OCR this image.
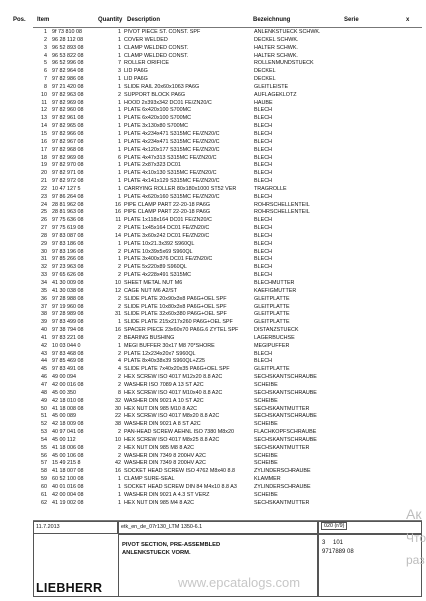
Pos. Item	Quantity Description	Bezeichnung	Serie	x
1	9f 73 810 08	1	PIVOT PIECE ST. CONST. SPF	ANLENKSTUECK SCHWK.	
2	96 28 112 08	1	COVER WELDED	DECKEL SCHWK.	
3	96 52 893 08	1	CLAMP WELDED CONST.	HALTER SCHWK.	
4	96 53 822 08	1	CLAMP WELDED CONST.	HALTER SCHWK.	
5	96 52 996 08	7	ROLLER ORIFICE	ROLLENMUNDSTUECK	
6	97 82 964 08	3	LID PA6G	DECKEL	
7	97 82 986 08	1	LID PA6G	DECKEL	
8	97 21 420 08	1	SLIDE RAIL 20x60x1063 PA6G	GLEITLEISTE	
10	97 82 963 08	2	SUPPORT BLOCK PA6G	AUFLAGEKLOTZ	
11	97 82 969 08	1	HOOD 2x393x342 DC01 FE/ZN20/C	HAUBE	
12	97 82 960 08	1	PLATE 6x420x100 S700MC	BLECH	
13	97 82 961 08	1	PLATE 6x420x100 S700MC	BLECH	
14	97 82 965 08	1	PLATE 3x130x80 S700MC	BLECH	
15	97 82 966 08	1	PLATE 4x234x471 S315MC FE/ZN20/C	BLECH	
16	97 82 967 08	1	PLATE 4x234x471 S315MC FE/ZN20/C	BLECH	
17	97 82 968 08	1	PLATE 4x120x177 S315MC FE/ZN20/C	BLECH	
18	97 82 969 08	6	PLATE 4x47x313 S315MC FE/ZN20/C	BLECH	
19	97 82 970 08	1	PLATE 2x87x323 DC01	BLECH	
20	97 82 971 08	1	PLATE 4x10x130 S315MC FE/ZN20/C	BLECH	
21	97 82 972 08	1	PLATE 4x141x129 S315MC FE/ZN20/C	BLECH	
22	10 47 127 5	1	CARRYING ROLLER 80x180x1000 ST52 VER	TRAGROLLE	
23	97 86 264 08	1	PLATE 4x620x160 S315MC FE/ZN20/C	BLECH	
24	28 81 962 08	16	PIPE CLAMP PART 22-20-18 PA6G	ROHRSCHELLENTEIL	
25	28 81 963 08	16	PIPE CLAMP PART 22-20-18 PA6G	ROHRSCHELLENTEIL	
26	97 75 636 08	11	PLATE 1x118x164 DC01 FE/ZN20/C	BLECH	
27	97 75 619 08	2	PLATE 1x45x164 DC01 FE/ZN20/C	BLECH	
28	97 83 087 08	14	PLATE 3x60x242 DC01 FE/ZN20/C	BLECH	
29	97 83 186 08	1	PLATE 10x21.3x392 S960QL	BLECH	
30	97 83 196 08	2	PLATE 10x39x5x69 S960QL	BLECH	
31	97 85 266 08	1	PLATE 3x400x376 DC01 FE/ZN20/C	BLECH	
32	97 23 963 08	2	PLATE 5x220x89 S960QL	BLECH	
33	97 65 626 08	2	PLATE 4x228x491 S315MC	BLECH	
34	41 30 009 08	10	SHEET METAL NUT M6	BLECHMUTTER	
35	41 30 038 08	12	CAGE NUT M6 A2/ST	KAEFIGMUTTER	
36	97 28 988 08	2	SLIDE PLATE 20x90x3x8 PA6G+OEL SPF	GLEITPLATTE	
37	97 19 960 08	2	SLIDE PLATE 10x80x3x8 PA6G+OEL SPF	GLEITPLATTE	
38	97 28 989 08	31	SLIDE PLATE 32x60x380 PA6G+OEL SPF	GLEITPLATTE	
39	97 83 499 08	1	SLIDE PLATE 215x217x260 PA6G+OEL SPF	GLEITPLATTE	
40	97 38 794 08	16	SPACER PIECE 23x60x70 PA6G.6 ZYTEL SPF	DISTANZSTUECK	
41	97 83 221 08	2	BEARING BUSHING	LAGERBUCHSE	
42	10 03 044 0	1	MEGI BUFFER 30x17 M8 70*SHORE	MEGIPUFFER	
43	97 83 468 08	2	PLATE 12x234x20x7 S960QL	BLECH	
44	97 85 469 08	4	PLATE 8x40x38x39 S960QL+Z25	BLECH	
45	97 83 491 08	4	SLIDE PLATE 7x40x20x35 PA6G+OEL SPF	GLEITPLATTE	
46	49 00 094	2	HEX SCREW ISO 4017 M12x20 8.8 A2C	SECHSKANTSCHRAUBE	
47	42 00 016 08	2	WASHER ISO 7089 A 13 ST A2C	SCHEIBE	
48	45 00 350	8	HEX SCREW ISO 4017 M10x40 8.8 A2C	SECHSKANTSCHRAUBE	
49	42 18 010 08	32	WASHER DIN 9021 A 10 ST A2C	SCHEIBE	
50	41 18 008 08	30	HEX NUT DIN 985 M10 8 A2C	SECHSKANTMUTTER	
51	45 00 089	22	HEX SCREW ISO 4017 M8x20 8.8 A2C	SECHSKANTSCHRAUBE	
52	42 18 009 08	38	WASHER DIN 9021 A 8 ST A2C	SCHEIBE	
53	40 97 041 08	2	PAN-HEAD SCREW AEHNL ISO 7380 M8x20	FLACHKOPFSCHRAUBE	
54	45 00 112	10	HEX SCREW ISO 4017 M8x25 8.8 A2C	SECHSKANTSCHRAUBE	
55	41 18 006 08	2	HEX NUT DIN 985 M8 8 A2C	SECHSKANTMUTTER	
56	45 00 106 08	2	WASHER DIN 7349 8 200HV A2C	SCHEIBE	
57	15 49 215 8	42	WASHER DIN 7349 8 200HV A2C	SCHEIBE	
58	41 18 007 08	16	SOCKET HEAD SCREW ISO 4762 M8x40 8.8	ZYLINDERSCHRAUBE	
59	60 52 100 08	1	CLAMP SURE-SEAL	KLAMMER	
60	40 01 016 08	1	SOCKET HEAD SCREW DIN 84 M4x10 8.8 A3	ZYLINDERSCHRAUBE	
61	42 00 004 08	1	WASHER DIN 9021 A 4.3 ST VERZ	SCHEIBE	
62	41 19 002 08	1	HEX NUT DIN 985 M4 8 A2C	SECHSKANTMUTTER	
11.7.2013	etk_en_de_07r130_LTM 1350-6.1	020 (r/9)
PIVOT SECTION, PRE-ASSEMBLED
ANLENKSTUECK VORM.
3 101
9717889 08
LIEBHERR	www.epcatalogs.com
Ак
Что
раз
